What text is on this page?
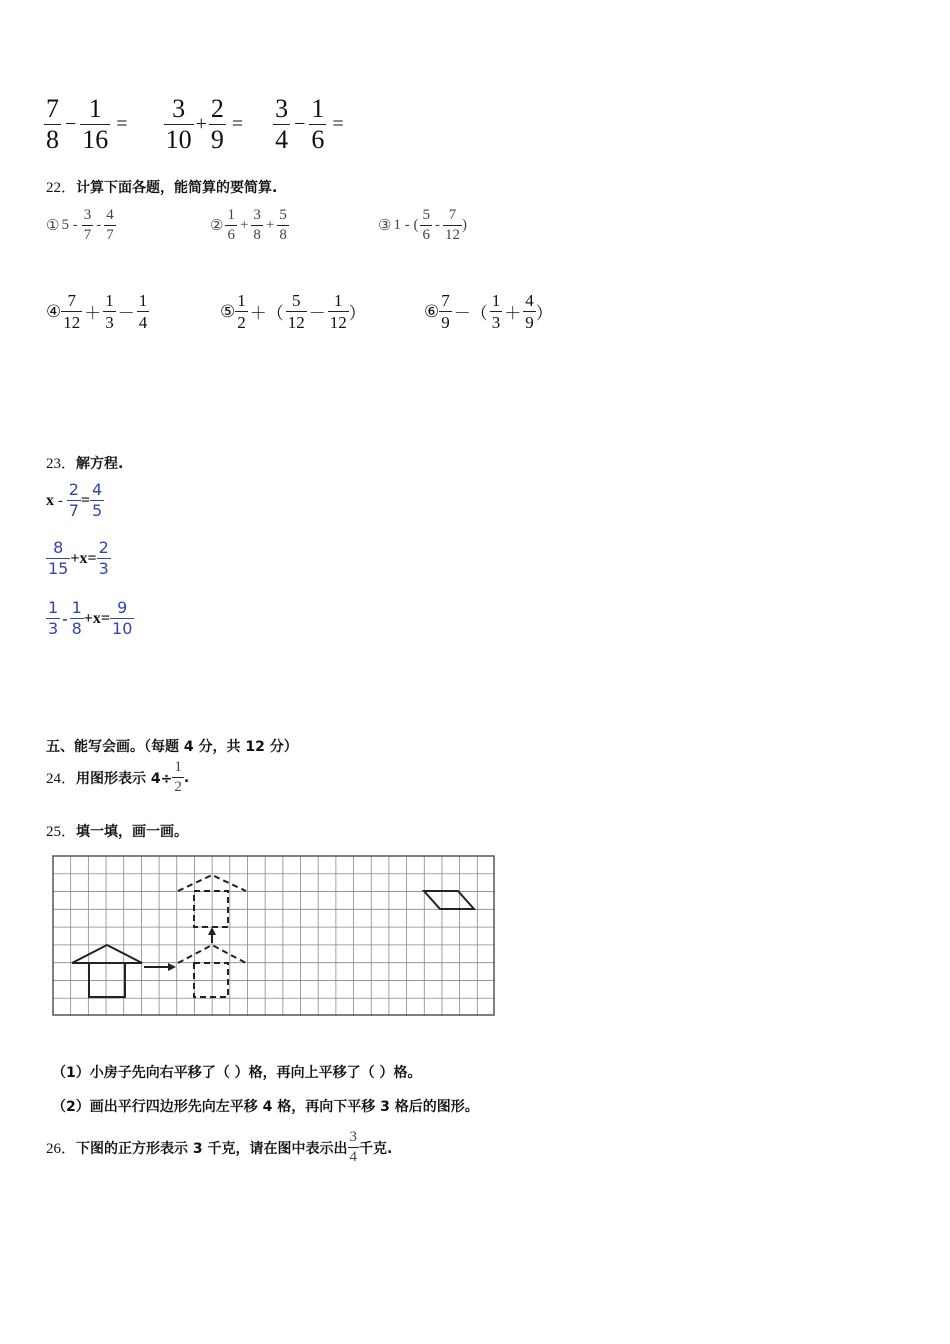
$\frac{7}{8} - \frac{1}{16} = \frac{3}{10} + \frac{2}{9} = \frac{3}{4} - \frac{1}{6}$ =
22．计算下面各题，能简算的要简算.
① $5 - \frac{3}{7} - \frac{4}{7}$	② $\frac{1}{6} + \frac{3}{8} + \frac{5}{8}$	③ 1 - ( $\frac{5}{6} - \frac{7}{12}$ )
④ $\frac{7}{12} + \frac{1}{3} - \frac{1}{4}$	⑤ $\frac{1}{2}$ ＋（ $\frac{5}{12} - \frac{1}{12}$ ）	⑥ $\frac{7}{9}$ －（ $\frac{1}{3} + \frac{4}{9}$ ）
23．解方程.
$x - \frac{2}{7} = \frac{4}{5}$
$\frac{8}{15} +x = \frac{2}{3}$
$\frac{1}{3} - \frac{1}{8} +x = \frac{9}{10}$
五、能写会画。（每题 4 分，共 12 分）
24． 用图形表示 $4\div \frac{1}{2}$ .
25．填一填，画一画。
（1）小房子先向右平移了（ ）格，再向上平移了（ ）格。
（2）画出平行四边形先向左平移 4 格，再向下平移 3 格后的图形。
26． 下图的正方形表示 3 千克，请在图中表示出 $\frac{3}{4}$ 千克.
